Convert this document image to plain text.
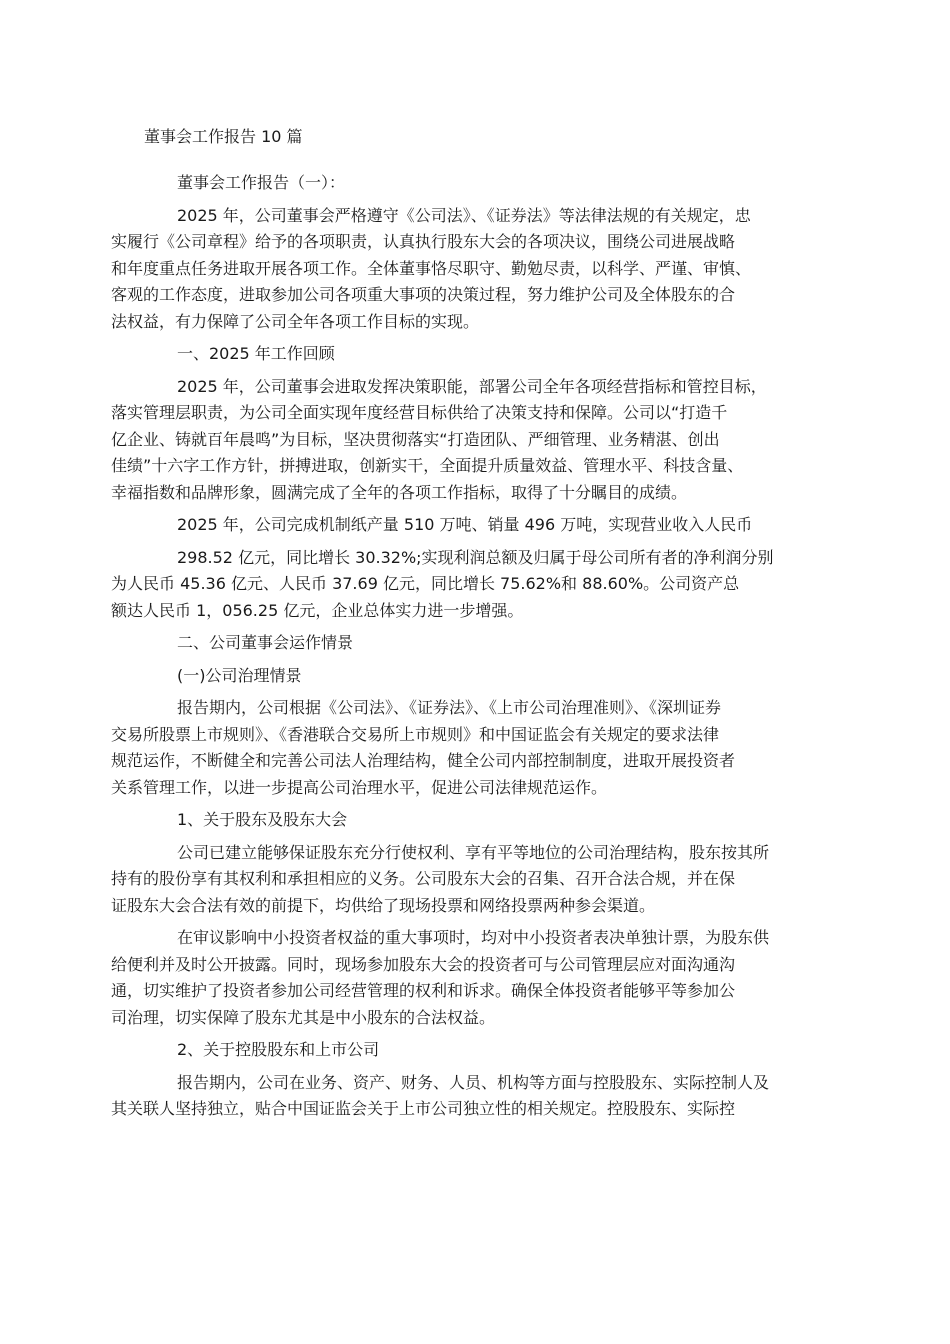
董事会工作报告 10 篇
董事会工作报告（一）：
2025 年，公司董事会严格遵守《公司法》、《证券法》等法律法规的有关规定，忠
实履行《公司章程》给予的各项职责，认真执行股东大会的各项决议，围绕公司进展战略
和年度重点任务进取开展各项工作。全体董事恪尽职守、勤勉尽责，以科学、严谨、审慎、
客观的工作态度，进取参加公司各项重大事项的决策过程，努力维护公司及全体股东的合
法权益，有力保障了公司全年各项工作目标的实现。
一、2025 年工作回顾
2025 年，公司董事会进取发挥决策职能，部署公司全年各项经营指标和管控目标，
落实管理层职责，为公司全面实现年度经营目标供给了决策支持和保障。公司以“打造千
亿企业、铸就百年晨鸣”为目标，坚决贯彻落实“打造团队、严细管理、业务精湛、创出
佳绩”十六字工作方针，拼搏进取，创新实干，全面提升质量效益、管理水平、科技含量、
幸福指数和品牌形象，圆满完成了全年的各项工作指标，取得了十分瞩目的成绩。
2025 年，公司完成机制纸产量 510 万吨、销量 496 万吨，实现营业收入人民币
298.52 亿元，同比增长 30.32%;实现利润总额及归属于母公司所有者的净利润分别
为人民币 45.36 亿元、人民币 37.69 亿元，同比增长 75.62%和 88.60%。公司资产总
额达人民币 1，056.25 亿元，企业总体实力进一步增强。
二、公司董事会运作情景
(一)公司治理情景
报告期内，公司根据《公司法》、《证券法》、《上市公司治理准则》、《深圳证券
交易所股票上市规则》、《香港联合交易所上市规则》和中国证监会有关规定的要求法律
规范运作，不断健全和完善公司法人治理结构，健全公司内部控制制度，进取开展投资者
关系管理工作，以进一步提高公司治理水平，促进公司法律规范运作。
1、关于股东及股东大会
公司已建立能够保证股东充分行使权利、享有平等地位的公司治理结构，股东按其所
持有的股份享有其权利和承担相应的义务。公司股东大会的召集、召开合法合规，并在保
证股东大会合法有效的前提下，均供给了现场投票和网络投票两种参会渠道。
在审议影响中小投资者权益的重大事项时，均对中小投资者表决单独计票，为股东供
给便利并及时公开披露。同时，现场参加股东大会的投资者可与公司管理层应对面沟通沟
通，切实维护了投资者参加公司经营管理的权利和诉求。确保全体投资者能够平等参加公
司治理，切实保障了股东尤其是中小股东的合法权益。
2、关于控股股东和上市公司
报告期内，公司在业务、资产、财务、人员、机构等方面与控股股东、实际控制人及
其关联人坚持独立，贴合中国证监会关于上市公司独立性的相关规定。控股股东、实际控
